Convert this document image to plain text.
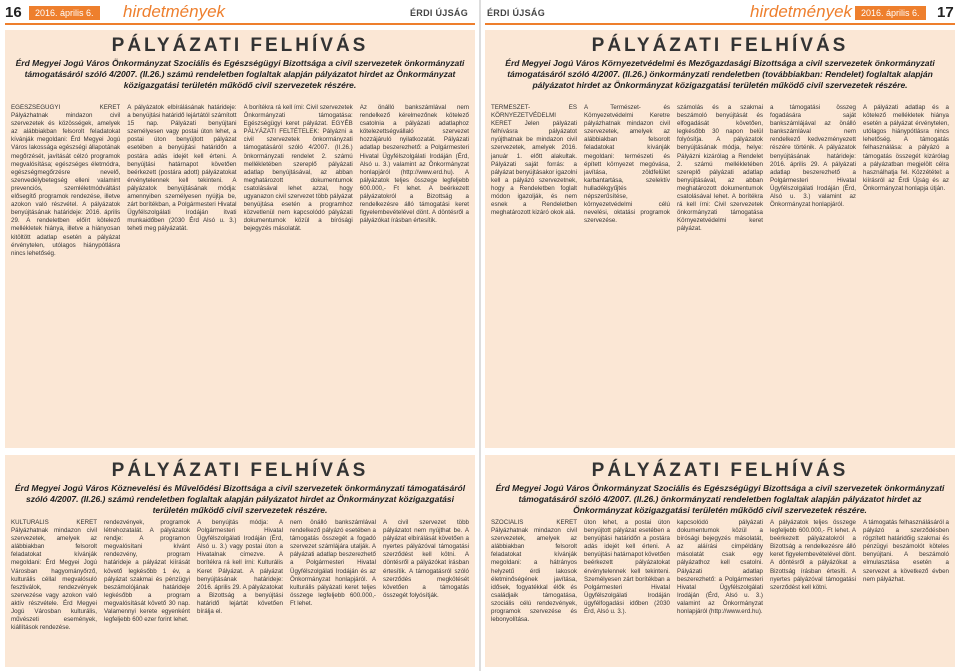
16	2016. április 6.	hirdetmények	ÉRDI ÚJSÁG
PÁLYÁZATI FELHÍVÁS
Érd Megyei Jogú Város Önkormányzat Szociális és Egészségügyi Bizottsága a civil szervezetek önkormányzati támogatásáról szóló 4/2007. (II.26.) számú rendeletben foglaltak alapján pályázatot hirdet az Önkormányzat közigazgatási területén működő civil szervezetek részére.
EGÉSZSÉGÜGYI KERET Pályázhatnak mindazon civil szervezetek és közösségek, amelyek az alábbiakban felsorolt feladatokat kívánják megoldani: Érd Megyei Jogú Város lakossága egészségi állapotának megőrzését, javítását célzó programok megvalósítása; egészséges életmódra, egészségmegőrzésre nevelő, szenvedélybetegség elleni valamint prevenciós, szemléletmódváltást elősegítő programok rendezése, illetve azokon való részvétel. A pályázatok benyújtásának határideje: 2016. április 29. A rendeletben előírt kötelező mellékletek hiánya, illetve a hiányosan kitöltött adatlap esetén a pályázat érvénytelen, utólagos hiánypótlásra nincs lehetőség.
A pályázatok elbírálásának határideje: a benyújtási határidő lejártától számított 15 nap. Pályázati benyújtani személyesen vagy postai úton lehet, a postai úton benyújtott pályázat esetében a benyújtási határidőn a postára adás idejét kell érteni. A benyújtási határnapot követően beérkezett (postára adott) pályázatokat érvénytelennek kell tekinteni. A pályázatok benyújtásának módja: amennyiben személyesen nyújtja be, zárt borítékban, a Polgármesteri Hivatal Ügyfélszolgálati Irodáján ítvati munkaidőben (2030 Érd Alsó u. 3.) teheti meg pályázatát.
A borítékra rá kell írni: Civil szervezetek Önkormányzati támogatása: Egészségügyi keret pályázat. EGYÉB PÁLYÁZATI FELTÉTELEK: Pályázni a civil szervezetek önkormányzati támogatásáról szóló 4/2007. (II.26.) önkormányzati rendelet 2. számú mellékletében szereplő pályázati adatlap benyújtásával, az abban meghatározott dokumentumok csatolásával lehet azzal, hogy ugyanazon civil szervezet több pályázat benyújtása esetén a programhoz közvetlenül nem kapcsolódó pályázati dokumentumok közül a bírósági bejegyzés másolatát.
Az önálló bankszámlával nem rendelkező kérelmezőnek kötelező csatolnia a pályázati adatlaphoz kötelezettségvállaló szervezet hozzájáruló nyilatkozatát. Pályázati adatlap beszerezhető: a Polgármesteri Hivatal Ügyfélszolgálati Irodáján (Érd, Alsó u. 3.) valamint az Önkormányzat honlapjáról (http://www.erd.hu). A pályázatok teljes összege legfeljebb 600.000,- Ft lehet. A beérkezett pályázatokról a Bizottság a rendelkezésre álló támogatási keret figyelembevételével dönt. A döntésről a pályázókat írásban értesítik.
PÁLYÁZATI FELHÍVÁS
Érd Megyei Jogú Város Köznevelési és Művelődési Bizottsága a civil szervezetek önkormányzati támogatásáról szóló 4/2007. (II.26.) számú rendeletben foglaltak alapján pályázatot hirdet az Önkormányzat közigazgatási területén működő civil szervezetek részére.
KULTURÁLIS KERET Pályázhatnak mindazon civil szervezetek, amelyek az alábbiakban felsorolt feladatokat kívánják megoldani: Érd Megyei Jogú Városban hagyományőrző, kulturális céllal megvalósuló fesztiválok, rendezvények szervezése vagy azokon való aktív részvétele. Érd Megyei Jogú Városban kulturális, művészeti események, kiállítások rendezése.
rendezvények, programok létrehozatalát. A pályázatok rendje: A programon megvalósítani kívánt rendezvény, program határideje a pályázat kiírását követő legkésőbb 1 év, a pályázat szakmai és pénzügyi beszámolójának határideje legkésőbb a program megvalósítását követő 30 nap. Valamennyi kerete egyenként legfeljebb 600 ezer forint lehet.
A benyújtás módja: A Polgármesteri Hivatal Ügyfélszolgálati Irodáján (Érd, Alsó u. 3.) vagy postai úton a Hivatalnak címezve. A borítékra rá kell írni: Kulturális Keret Pályázat. A pályázat benyújtásának határideje: 2016. április 29. A pályázatokat a Bizottság a benyújtási határidő lejártát követően bírálja el.
nem önálló bankszámlával rendelkező pályázó esetében a támogatás összegét a fogadó szervezet számlájára utalják. A pályázati adatlap beszerezhető a Polgármesteri Hivatal Ügyfélszolgálati Irodáján és az Önkormányzat honlapjáról. A kulturális pályázati keret teljes összege legfeljebb 600.000,- Ft lehet.
A civil szervezet több pályázatot nem nyújthat be. A pályázat elbírálását követően a nyertes pályázóval támogatási szerződést kell kötni. A döntésről a pályázókat írásban értesítik. A támogatásról szóló szerződés megkötését követően a támogatás összegét folyósítják.
ÉRDI ÚJSÁG	hirdetmények 2016. április 6.	17
PÁLYÁZATI FELHÍVÁS
Érd Megyei Jogú Város Környezetvédelmi és Mezőgazdasági Bizottsága a civil szervezetek önkormányzati támogatásáról szóló 4/2007. (II.26.) önkormányzati rendeletben (továbbiakban: Rendelet) foglaltak alapján pályázatot hirdet az Önkormányzat közigazgatási területén működő civil szervezetek részére.
TERMÉSZET- ÉS KÖRNYEZETVÉDELMI KERET Jelen pályázati felhívásra pályázatot nyújthatnak be mindazon civil szervezetek, amelyek 2016. január 1. előtt alakultak. Pályázati saját forrás: a pályázat benyújtásakor igazolni kell a pályázó szervezetnek, hogy a Rendeletben foglalt módon igazolják, és nem esnek a Rendeletben meghatározott kizáró okok alá.
A Természet- és Környezetvédelmi Keretre pályázhatnak mindazon civil szervezetek, amelyek az alábbiakban felsorolt feladatokat kívánják megoldani: természeti és épített környezet megóvása, javítása, zöldfelület karbantartása, szelektív hulladékgyűjtés népszerűsítése, környezetvédelmi célú nevelési, oktatási programok szervezése.
számolás és a szakmai beszámoló benyújtását és elfogadását követően, legkésőbb 30 napon belül folyósítja. A pályázatok benyújtásának módja, helye: Pályázni kizárólag a Rendelet 2. számú mellékletében szereplő pályázati adatlap benyújtásával, az abban meghatározott dokumentumok csatolásával lehet. A borítékra rá kell írni: Civil szervezetek önkormányzati támogatása Környezetvédelmi keret pályázat.
a támogatási összeg fogadására saját bankszámlájával az önálló bankszámlával nem rendelkező kedvezményezett részére történik. A pályázatok benyújtásának határideje: 2016. április 29. A pályázati adatlap beszerezhető a Polgármesteri Hivatal Ügyfélszolgálati Irodáján (Érd, Alsó u. 3.) valamint az Önkormányzat honlapjáról.
A pályázati adatlap és a kötelező mellékletek hiánya esetén a pályázat érvénytelen, utólagos hiánypótlásra nincs lehetőség. A támogatás felhasználása: a pályázó a támogatás összegét kizárólag a pályázatban megjelölt célra használhatja fel. Közzététel: a kiírásról az Érdi Újság és az Önkormányzat honlapja útján.
PÁLYÁZATI FELHÍVÁS
Érd Megyei Jogú Város Önkormányzat Szociális és Egészségügyi Bizottsága a civil szervezetek önkormányzati támogatásáról szóló 4/2007. (II.26.) önkormányzati rendeletben foglaltak alapján pályázatot hirdet az Önkormányzat közigazgatási területén működő civil szervezetek részére.
SZOCIÁLIS KERET Pályázhatnak mindazon civil szervezetek, amelyek az alábbiakban felsorolt feladatokat kívánják megoldani: a hátrányos helyzetű érdi lakosok életminőségének javítása, idősek, fogyatékkal élők és családjaik támogatása, szociális célú rendezvények, programok szervezése és lebonyolítása.
úton lehet, a postai úton benyújtott pályázat esetében a benyújtási határidőn a postára adás idejét kell érteni. A benyújtási határnapot követően beérkezett pályázatokat érvénytelennek kell tekinteni. Személyesen zárt borítékban a Polgármesteri Hivatal Ügyfélszolgálati Irodáján ügyfélfogadási időben (2030 Érd, Alsó u. 3.).
kapcsolódó pályázati dokumentumok közül a bírósági bejegyzés másolatát, az aláírási címpéldány másolatát csak egy pályázathoz kell csatolni. Pályázati adatlap beszerezhető: a Polgármesteri Hivatal Ügyfélszolgálati Irodáján (Érd, Alsó u. 3.) valamint az Önkormányzat honlapjáról (http://www.erd.hu).
A pályázatok teljes összege legfeljebb 600.000,- Ft lehet. A beérkezett pályázatokról a Bizottság a rendelkezésre álló keret figyelembevételével dönt. A döntésről a pályázókat a Bizottság írásban értesíti. A nyertes pályázóval támogatási szerződést kell kötni.
A támogatás felhasználásáról a pályázó a szerződésben rögzített határidőig szakmai és pénzügyi beszámolót köteles benyújtani. A beszámoló elmulasztása esetén a szervezet a következő évben nem pályázhat.
